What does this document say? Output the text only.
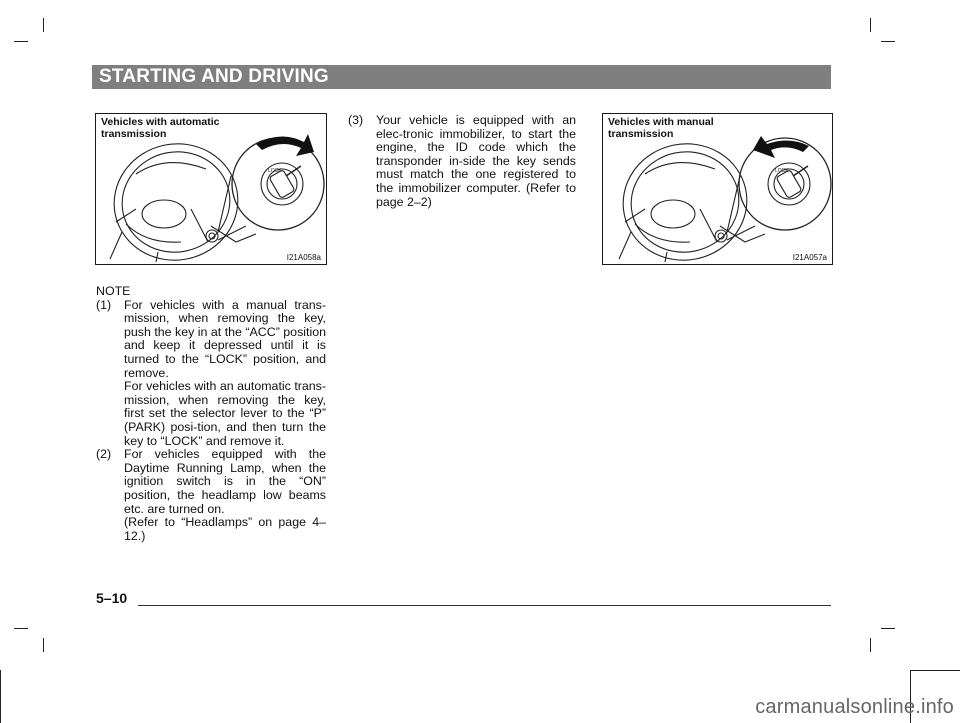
STARTING AND DRIVING
LOCK
Vehicles with automatic
transmission
I21A058a
LOCK
Vehicles with manual
transmission
I21A057a
NOTE
(1) For vehicles with a manual trans-mission, when removing the key, push the key in at the “ACC” position and keep it depressed until it is turned to the “LOCK” position, and remove.

For vehicles with an automatic trans-mission, when removing the key, first set the selector lever to the “P” (PARK) posi-tion, and then turn the key to “LOCK” and remove it.

(2) For vehicles equipped with the Daytime Running Lamp, when the ignition switch is in the “ON” position, the headlamp low beams etc. are turned on.

(Refer to “Headlamps” on page 4–12.)

(3) Your vehicle is equipped with an elec-tronic immobilizer, to start the engine, the ID code which the transponder in-side the key sends must match the one registered to the immobilizer computer. (Refer to page 2–2)

5–10
carmanualsonline.info
